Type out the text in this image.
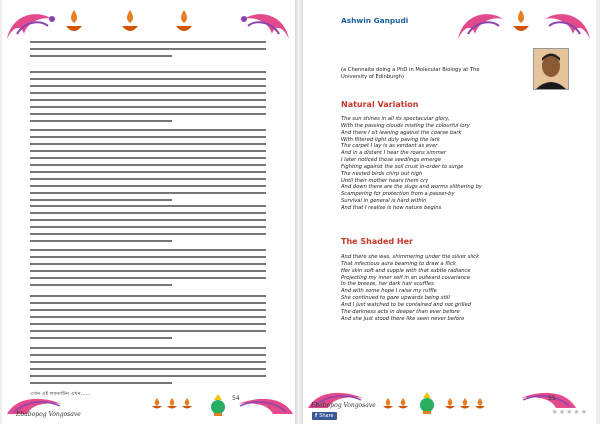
এখন এই লকডাউন এখন……
Ebabopog Vongosave
54
Ashwin Ganpudi
(a Chennaite doing a PhD in Molecular Biology at The University of Edinburgh)
Natural Variation
The sun shines in all its spectacular glory,
With the passing clouds misting the colourful lory
And there I sit leaning against the coarse bark
With filtered light duly paving the lark
The carpet I lay is as verdant as ever
And in a distant I hear the roans simmer
I later noticed those seedlings emerge
Fighting against the soil crust in-order to surge
The nested birds chirp out high
Until their mother hears them cry
And down there are the slugs and worms slithering by
Scampering for protection from a passer-by
Survival in general is hard within
And that I realise is how nature begins
The Shaded Her
And there she was, shimmering under the silver slick
That infectious aura beaming to draw a flick
Her skin soft and supple with that subtle radiance
Projecting my inner self in an outward covariance
In the breeze, her dark hair scuffles
And with some hope I raise my ruffle
She continued to gaze upwards being still
And I just watched to be contained and not grilled
The darkness acts in deeper than ever before
And she just stood there like seen never before
Ebabopog Vongosave
f Share
55
★★★★★
